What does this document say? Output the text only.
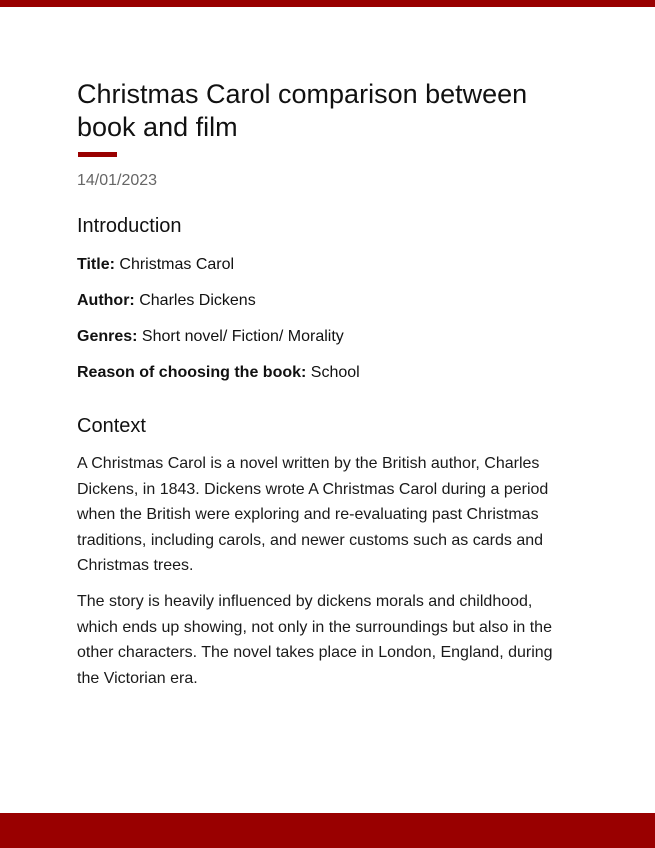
Christmas Carol comparison between book and film
14/01/2023
Introduction
Title: Christmas Carol
Author: Charles Dickens
Genres: Short novel/ Fiction/ Morality
Reason of choosing the book: School
Context

A Christmas Carol is a novel written by the British author, Charles Dickens, in 1843. Dickens wrote A Christmas Carol during a period when the British were exploring and re-evaluating past Christmas traditions, including carols, and newer customs such as cards and Christmas trees.

The story is heavily influenced by dickens morals and childhood, which ends up showing, not only in the surroundings but also in the other characters. The novel takes place in London, England, during the Victorian era.
